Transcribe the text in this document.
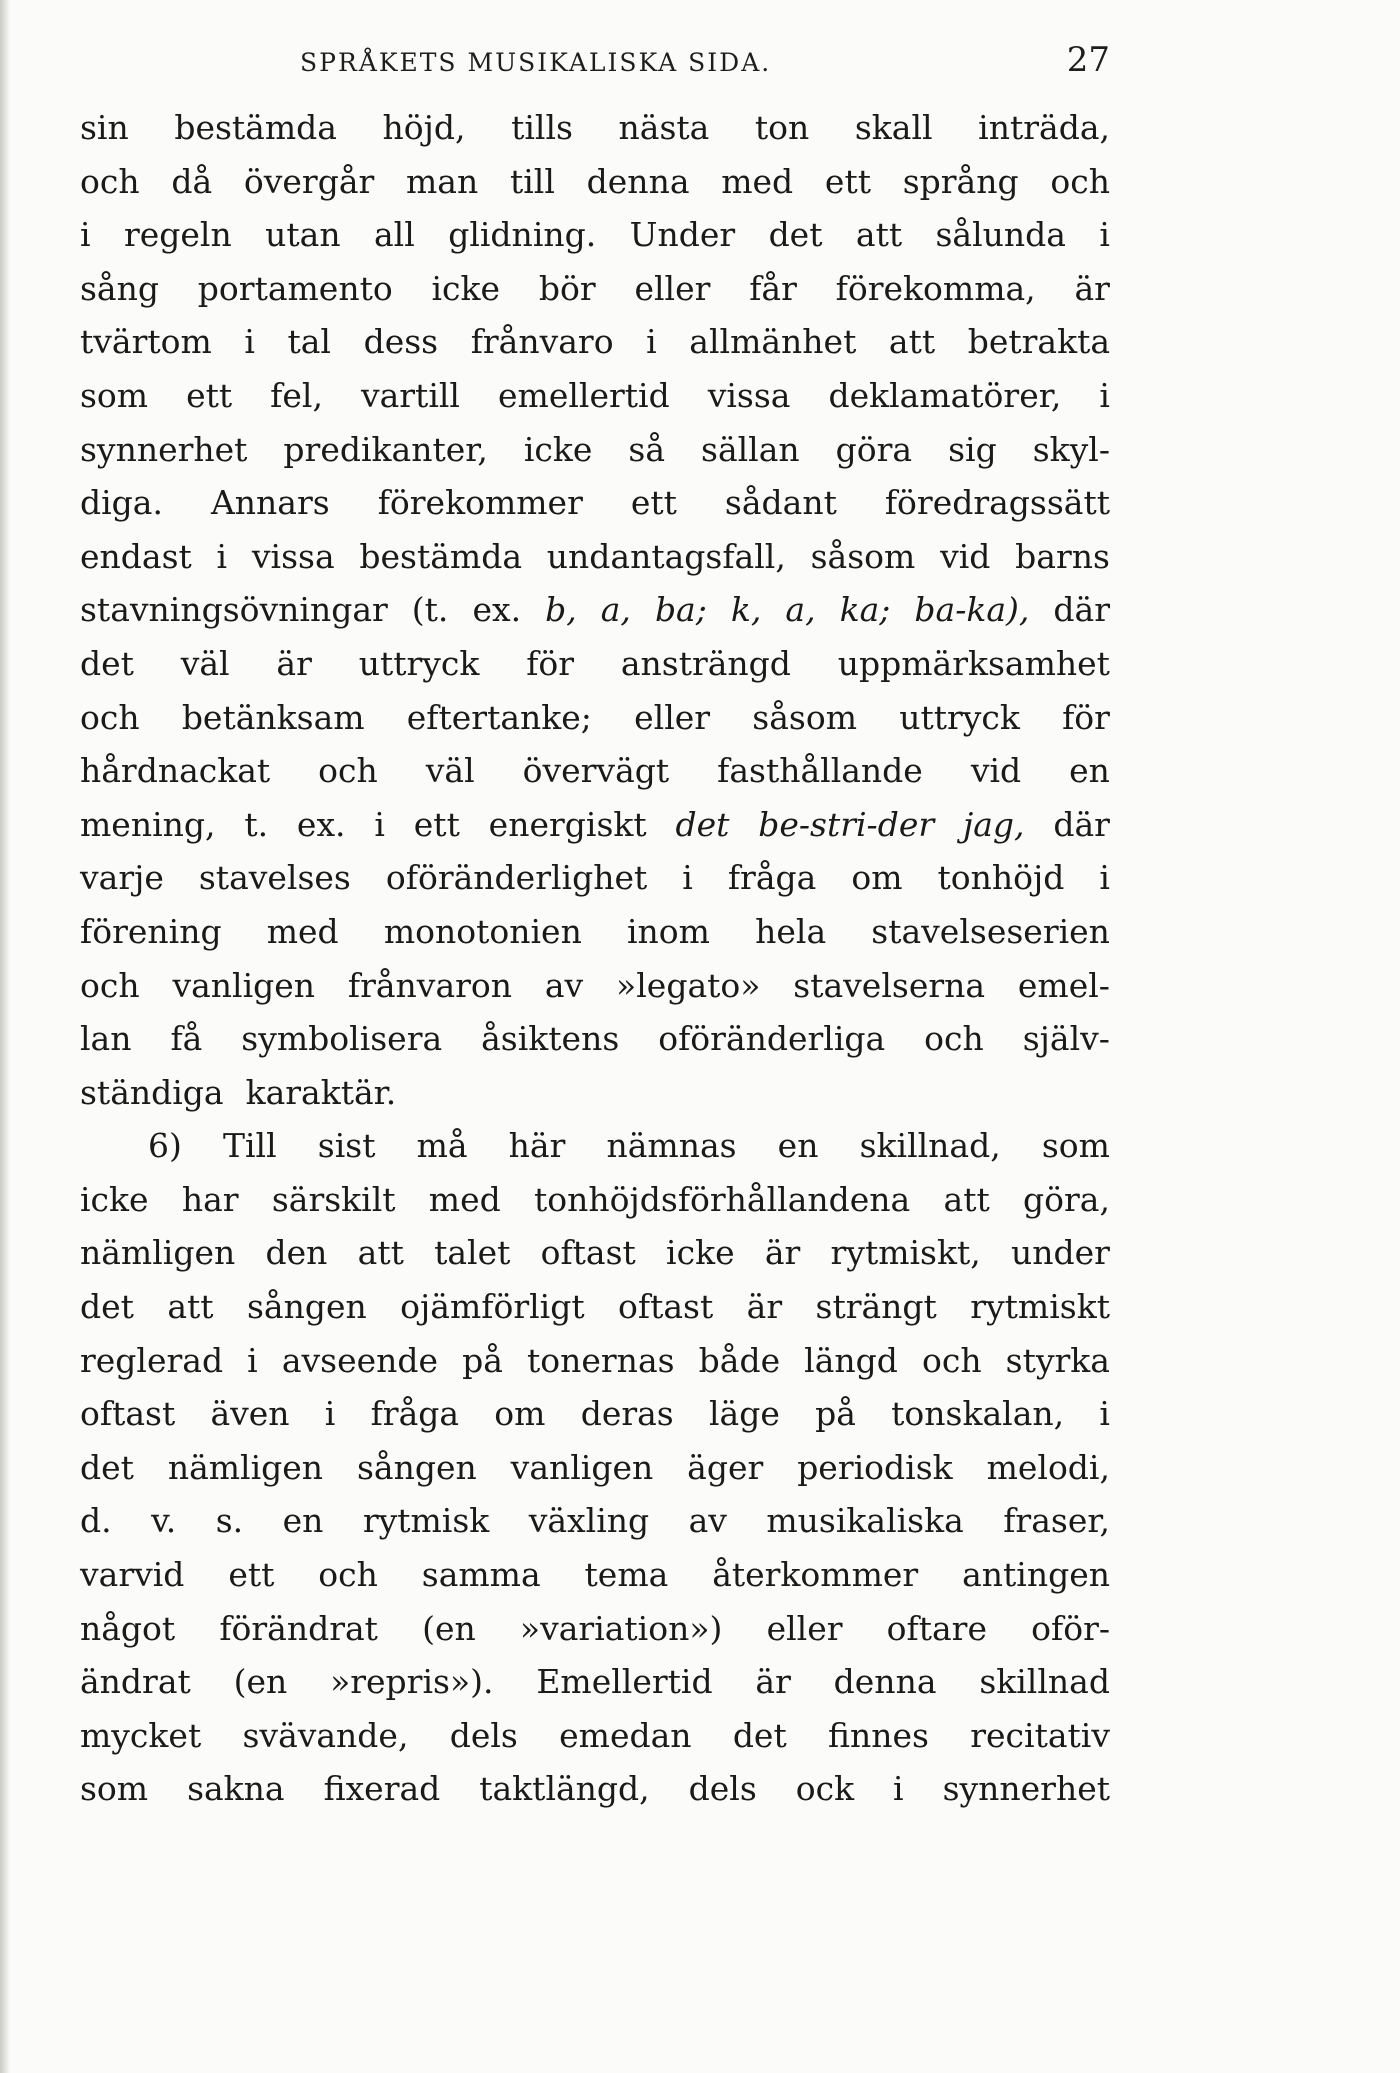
SPRÅKETS MUSIKALISKA SIDA.	27
sin bestämda höjd, tills nästa ton skall inträda,
och då övergår man till denna med ett språng och
i regeln utan all glidning. Under det att sålunda i
sång portamento icke bör eller får förekomma, är
tvärtom i tal dess frånvaro i allmänhet att betrakta
som ett fel, vartill emellertid vissa deklamatörer, i
synnerhet predikanter, icke så sällan göra sig skyl-
diga. Annars förekommer ett sådant föredragssätt
endast i vissa bestämda undantagsfall, såsom vid barns
stavningsövningar (t. ex. b, a, ba; k, a, ka; ba-ka), där
det väl är uttryck för ansträngd uppmärksamhet
och betänksam eftertanke; eller såsom uttryck för
hårdnackat och väl övervägt fasthållande vid en
mening, t. ex. i ett energiskt det be-stri-der jag, där
varje stavelses oföränderlighet i fråga om tonhöjd i
förening med monotonien inom hela stavelseserien
och vanligen frånvaron av »legato» stavelserna emel-
lan få symbolisera åsiktens oföränderliga och själv-
ständiga karaktär.
6) Till sist må här nämnas en skillnad, som
icke har särskilt med tonhöjdsförhållandena att göra,
nämligen den att talet oftast icke är rytmiskt, under
det att sången ojämförligt oftast är strängt rytmiskt
reglerad i avseende på tonernas både längd och styrka
oftast även i fråga om deras läge på tonskalan, i
det nämligen sången vanligen äger periodisk melodi,
d. v. s. en rytmisk växling av musikaliska fraser,
varvid ett och samma tema återkommer antingen
något förändrat (en »variation») eller oftare oför-
ändrat (en »repris»). Emellertid är denna skillnad
mycket svävande, dels emedan det finnes recitativ
som sakna fixerad taktlängd, dels ock i synnerhet
